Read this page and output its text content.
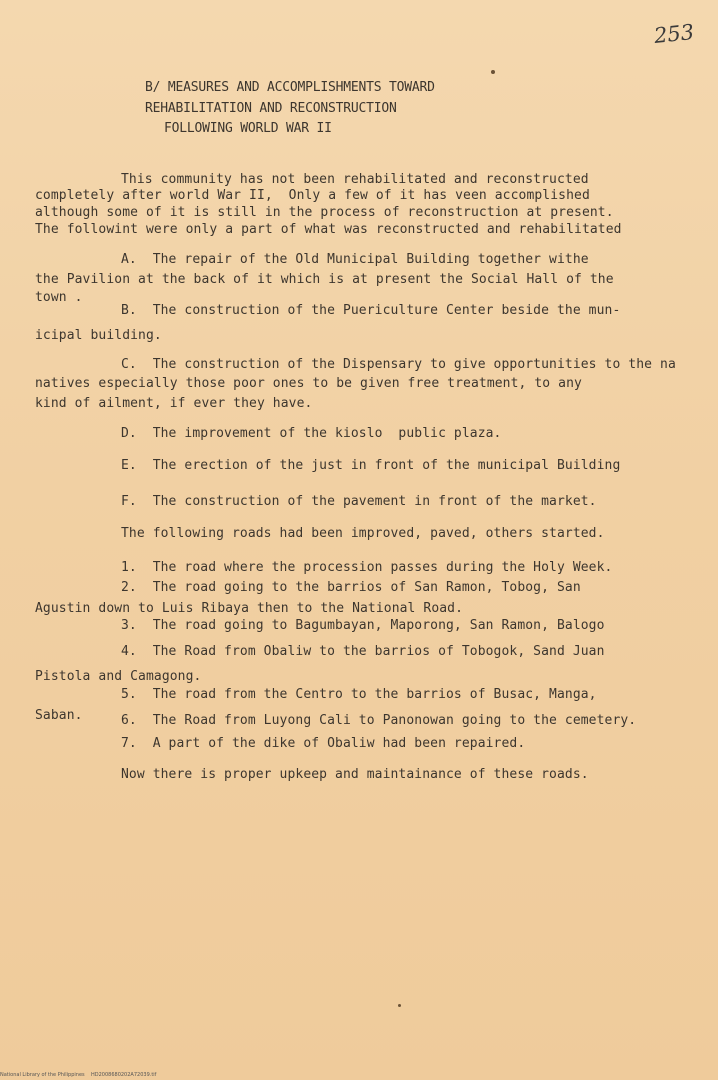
253
B/ MEASURES AND ACCOMPLISHMENTS TOWARD
REHABILITATION AND RECONSTRUCTION
FOLLOWING WORLD WAR II
This community has not been rehabilitated and reconstructed
completely after world War II,  Only a few of it has veen accomplished
although some of it is still in the process of reconstruction at present.
The followint were only a part of what was reconstructed and rehabilitated
A.  The repair of the Old Municipal Building together withe
the Pavilion at the back of it which is at present the Social Hall of the
town .
B.  The construction of the Puericulture Center beside the mun-
icipal building.
C.  The construction of the Dispensary to give opportunities to the na
natives especially those poor ones to be given free treatment, to any
kind of ailment, if ever they have.
D.  The improvement of the kioslo  public plaza.
E.  The erection of the just in front of the municipal Building
F.  The construction of the pavement in front of the market.
The following roads had been improved, paved, others started.
1.  The road where the procession passes during the Holy Week.
2.  The road going to the barrios of San Ramon, Tobog, San
Agustin down to Luis Ribaya then to the National Road.
3.  The road going to Bagumbayan, Maporong, San Ramon, Balogo
4.  The Road from Obaliw to the barrios of Tobogok, Sand Juan
Pistola and Camagong.
5.  The road from the Centro to the barrios of Busac, Manga,
Saban.	6.  The Road from Luyong Cali to Panonowan going to the cemetery.
7.  A part of the dike of Obaliw had been repaired.
Now there is proper upkeep and maintainance of these roads.
National Library of the Philippines    HD2008680202A72039.tif
